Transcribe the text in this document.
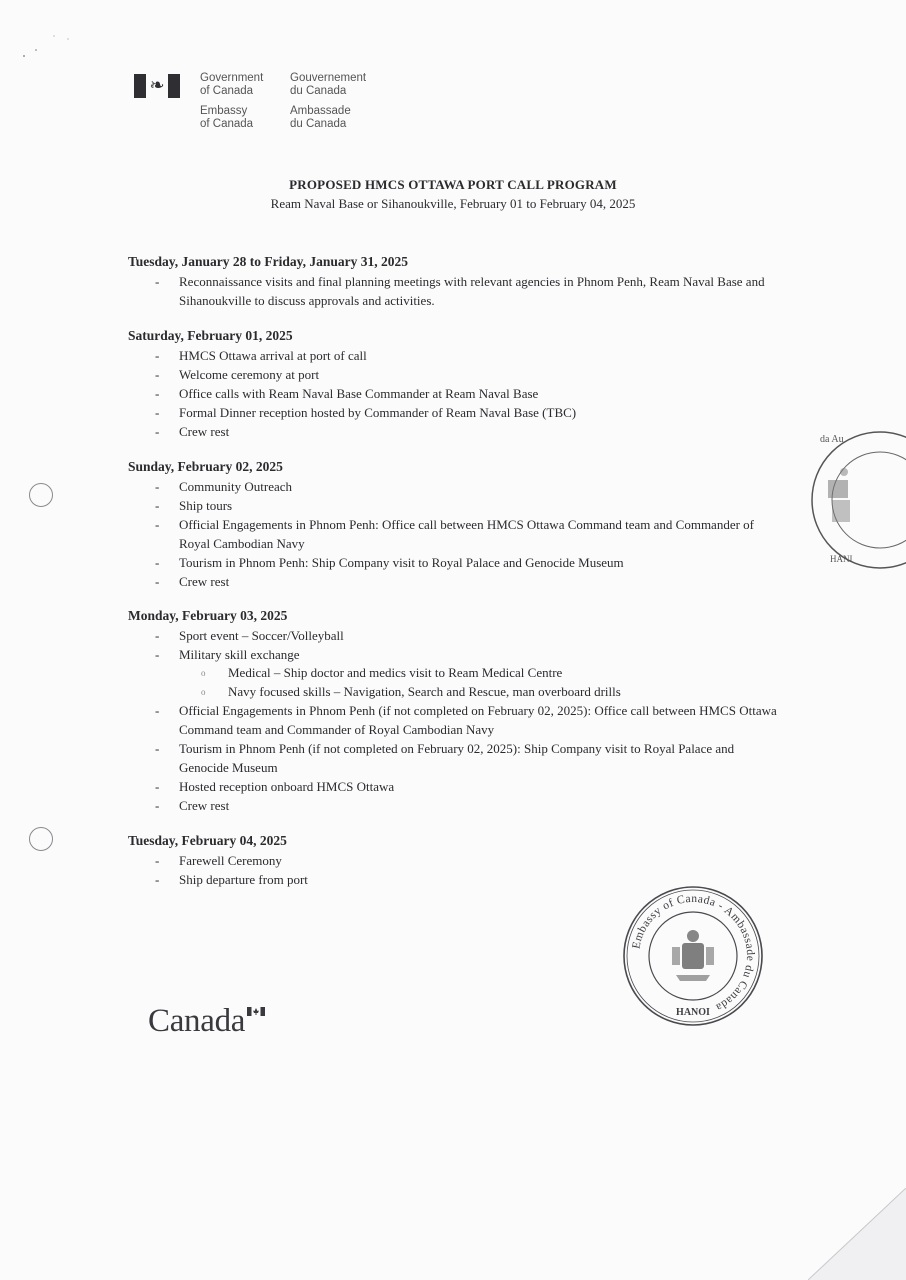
❧	Government
of Canada
Embassy
of Canada
Gouvernement
du Canada
Ambassade
du Canada
PROPOSED HMCS OTTAWA PORT CALL PROGRAM
Ream Naval Base or Sihanoukville, February 01 to February 04, 2025
Tuesday, January 28 to Friday, January 31, 2025
- Reconnaissance visits and final planning meetings with relevant agencies in Phnom Penh, Ream Naval Base and Sihanoukville to discuss approvals and activities.
Saturday, February 01, 2025
- HMCS Ottawa arrival at port of call
- Welcome ceremony at port
- Office calls with Ream Naval Base Commander at Ream Naval Base
- Formal Dinner reception hosted by Commander of Ream Naval Base (TBC)
- Crew rest
Sunday, February 02, 2025
- Community Outreach
- Ship tours
- Official Engagements in Phnom Penh: Office call between HMCS Ottawa Command team and Commander of Royal Cambodian Navy
- Tourism in Phnom Penh: Ship Company visit to Royal Palace and Genocide Museum
- Crew rest
Monday, February 03, 2025
- Sport event – Soccer/Volleyball
- Military skill exchange
o Medical – Ship doctor and medics visit to Ream Medical Centre
o Navy focused skills – Navigation, Search and Rescue, man overboard drills
- Official Engagements in Phnom Penh (if not completed on February 02, 2025): Office call between HMCS Ottawa Command team and Commander of Royal Cambodian Navy
- Tourism in Phnom Penh (if not completed on February 02, 2025): Ship Company visit to Royal Palace and Genocide Museum
- Hosted reception onboard HMCS Ottawa
- Crew rest
Tuesday, February 04, 2025
- Farewell Ceremony
- Ship departure from port
da Au
HANI
Embassy of Canada - Ambassade du Canada
HANOI
Canada
